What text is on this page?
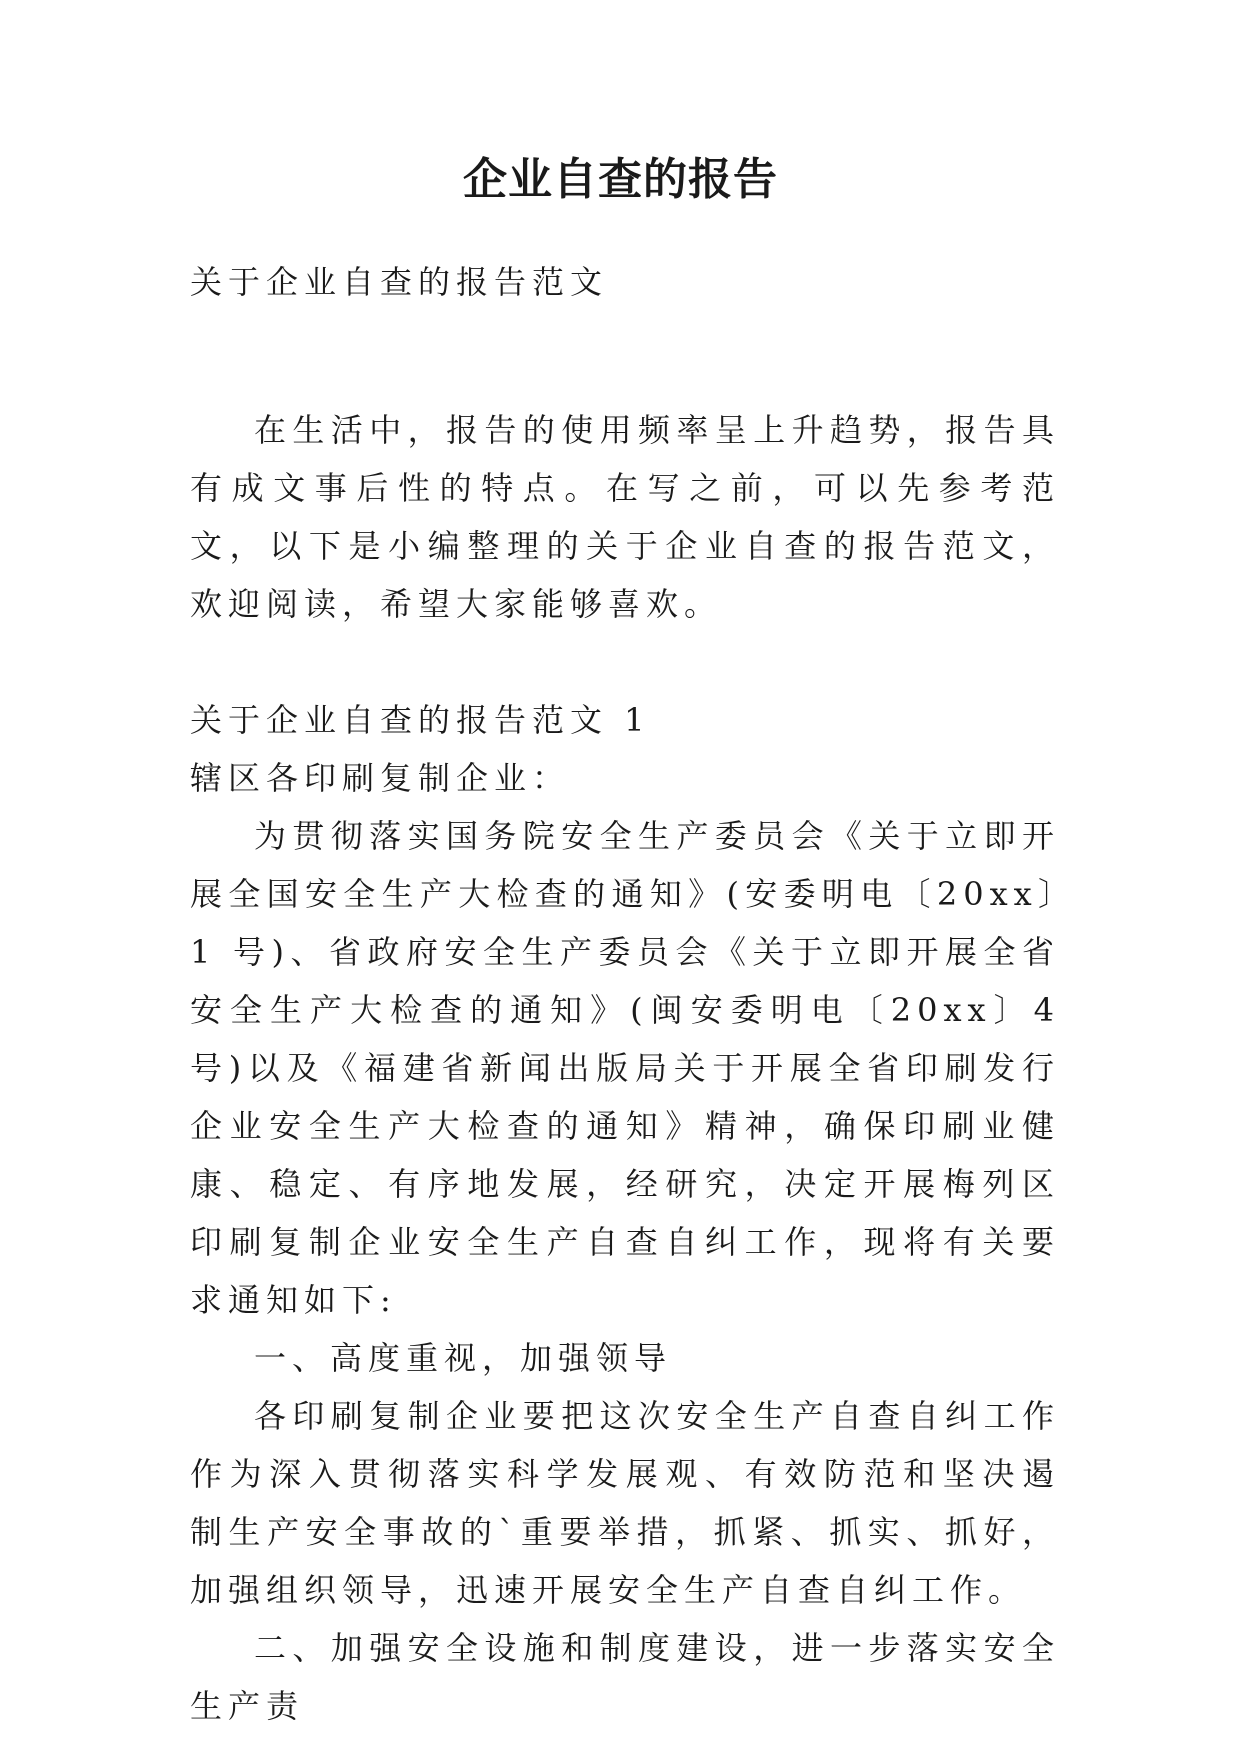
企业自查的报告

关于企业自查的报告范文

在生活中，报告的使用频率呈上升趋势，报告具有成文事后性的特点。在写之前，可以先参考范文，以下是小编整理的关于企业自查的报告范文，欢迎阅读，希望大家能够喜欢。

关于企业自查的报告范文 1

辖区各印刷复制企业：

为贯彻落实国务院安全生产委员会《关于立即开展全国安全生产大检查的通知》(安委明电〔20xx〕1 号)、省政府安全生产委员会《关于立即开展全省安全生产大检查的通知》(闽安委明电〔20xx〕4 号)以及《福建省新闻出版局关于开展全省印刷发行企业安全生产大检查的通知》精神，确保印刷业健康、稳定、有序地发展，经研究，决定开展梅列区印刷复制企业安全生产自查自纠工作，现将有关要求通知如下:

一、高度重视，加强领导

各印刷复制企业要把这次安全生产自查自纠工作作为深入贯彻落实科学发展观、有效防范和坚决遏制生产安全事故的`重要举措，抓紧、抓实、抓好，加强组织领导，迅速开展安全生产自查自纠工作。

二、加强安全设施和制度建设，进一步落实安全生产责
